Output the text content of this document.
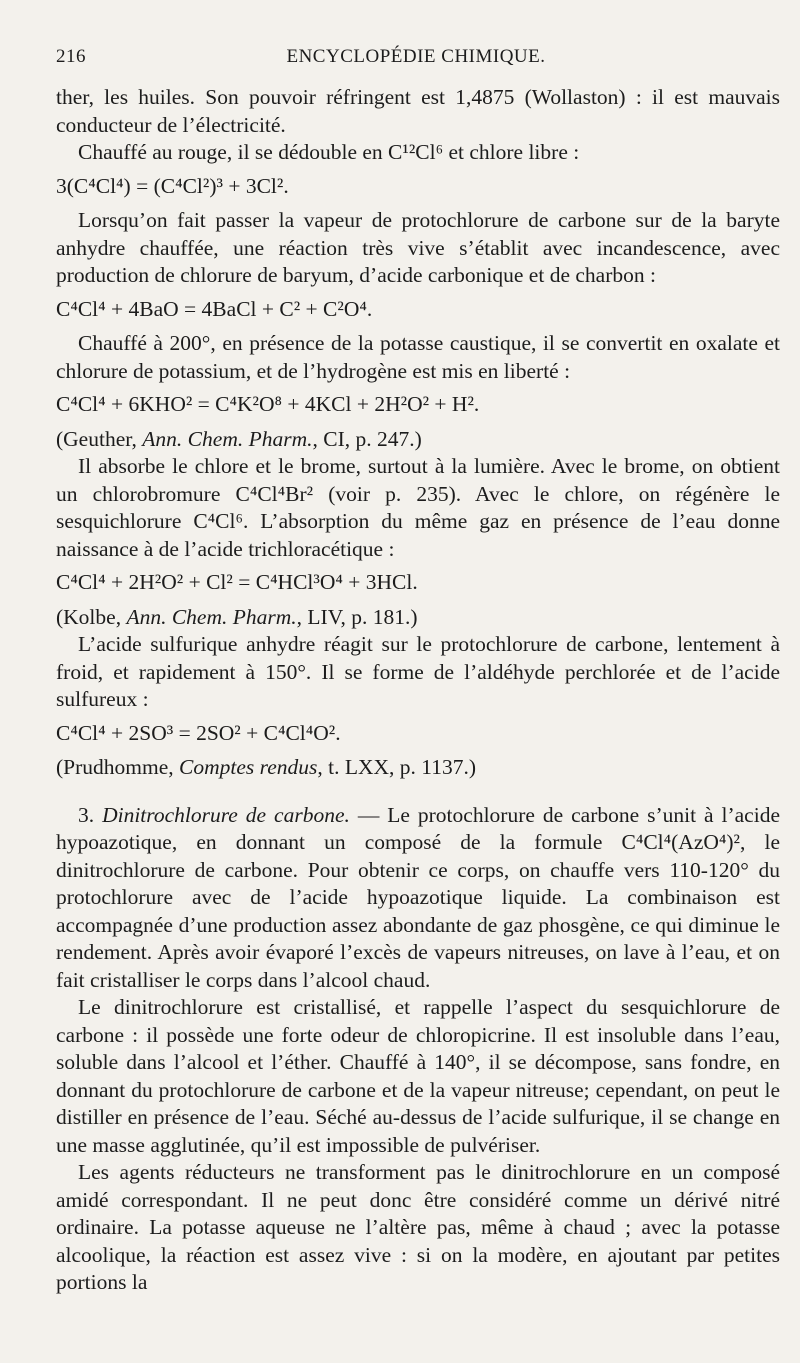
216	ENCYCLOPÉDIE CHIMIQUE.

ther, les huiles. Son pouvoir réfringent est 1,4875 (Wollaston) : il est mauvais conducteur de l’électricité.

Chauffé au rouge, il se dédouble en C¹²Cl⁶ et chlore libre :

3(C⁴Cl⁴) = (C⁴Cl²)³ + 3Cl².

Lorsqu’on fait passer la vapeur de protochlorure de carbone sur de la baryte anhydre chauffée, une réaction très vive s’établit avec incandescence, avec production de chlorure de baryum, d’acide carbonique et de charbon :

C⁴Cl⁴ + 4BaO = 4BaCl + C² + C²O⁴.

Chauffé à 200°, en présence de la potasse caustique, il se convertit en oxalate et chlorure de potassium, et de l’hydrogène est mis en liberté :

C⁴Cl⁴ + 6KHO² = C⁴K²O⁸ + 4KCl + 2H²O² + H².

(Geuther, Ann. Chem. Pharm., CI, p. 247.)

Il absorbe le chlore et le brome, surtout à la lumière. Avec le brome, on obtient un chlorobromure C⁴Cl⁴Br² (voir p. 235). Avec le chlore, on régénère le sesquichlorure C⁴Cl⁶. L’absorption du même gaz en présence de l’eau donne naissance à de l’acide trichloracétique :

C⁴Cl⁴ + 2H²O² + Cl² = C⁴HCl³O⁴ + 3HCl.

(Kolbe, Ann. Chem. Pharm., LIV, p. 181.)

L’acide sulfurique anhydre réagit sur le protochlorure de carbone, lentement à froid, et rapidement à 150°. Il se forme de l’aldéhyde perchlorée et de l’acide sulfureux :

C⁴Cl⁴ + 2SO³ = 2SO² + C⁴Cl⁴O².

(Prudhomme, Comptes rendus, t. LXX, p. 1137.)

3. Dinitrochlorure de carbone. — Le protochlorure de carbone s’unit à l’acide hypoazotique, en donnant un composé de la formule C⁴Cl⁴(AzO⁴)², le dinitrochlorure de carbone. Pour obtenir ce corps, on chauffe vers 110-120° du protochlorure avec de l’acide hypoazotique liquide. La combinaison est accompagnée d’une production assez abondante de gaz phosgène, ce qui diminue le rendement. Après avoir évaporé l’excès de vapeurs nitreuses, on lave à l’eau, et on fait cristalliser le corps dans l’alcool chaud.

Le dinitrochlorure est cristallisé, et rappelle l’aspect du sesquichlorure de carbone : il possède une forte odeur de chloropicrine. Il est insoluble dans l’eau, soluble dans l’alcool et l’éther. Chauffé à 140°, il se décompose, sans fondre, en donnant du protochlorure de carbone et de la vapeur nitreuse; cependant, on peut le distiller en présence de l’eau. Séché au-dessus de l’acide sulfurique, il se change en une masse agglutinée, qu’il est impossible de pulvériser.

Les agents réducteurs ne transforment pas le dinitrochlorure en un composé amidé correspondant. Il ne peut donc être considéré comme un dérivé nitré ordinaire. La potasse aqueuse ne l’altère pas, même à chaud ; avec la potasse alcoolique, la réaction est assez vive : si on la modère, en ajoutant par petites portions la
